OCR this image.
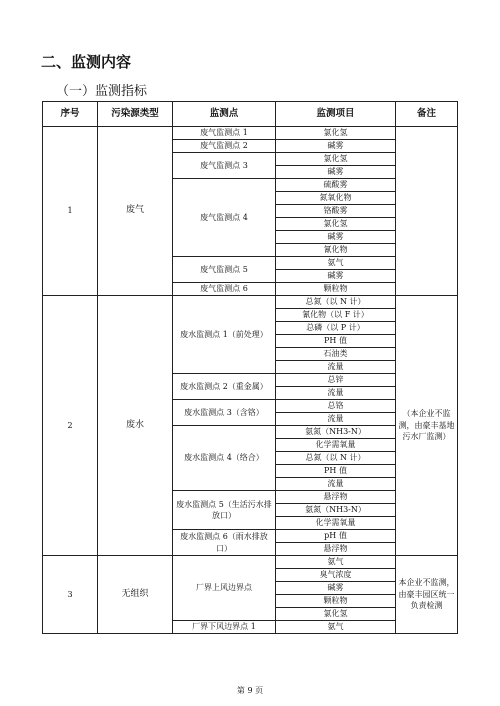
二、监测内容
（一）监测指标
序号	污染源类型	监测点	监测项目	备注
1	废气	废气监测点 1	氯化氢	
		废气监测点 2	碱雾	
		废气监测点 3	氯化氢	
			碱雾	
		废气监测点 4	硫酸雾	
			氮氧化物	
			铬酸雾	
			氯化氢	
			碱雾	
			氰化物	
		废气监测点 5	氨气	
			碱雾	
		废气监测点 6	颗粒物	
2	废水	废水监测点 1（前处理）	总氮（以 N 计）	（本企业不监测，由豪丰基地污水厂监测）
			氰化物（以 F 计）	
			总磷（以 P 计）	
			PH 值	
			石油类	
			流量	
		废水监测点 2（重金属）	总锌	
			流量	
		废水监测点 3（含铬）	总铬	
			流量	
		废水监测点 4（络合）	氨氮（NH3-N）	
			化学需氧量	
			总氮（以 N 计）	
			PH 值	
			流量	
		废水监测点 5（生活污水排放口）	悬浮物	
			氨氮（NH3-N）	
			化学需氧量	
		废水监测点 6（雨水排放口）	pH 值	
			悬浮物	
3	无组织	厂界上风边界点	氨气	本企业不监测，由豪丰园区统一负责检测
			臭气浓度	
			碱雾	
			颗粒物	
			氯化氢	
		厂界下风边界点 1	氨气	
第 9 页
